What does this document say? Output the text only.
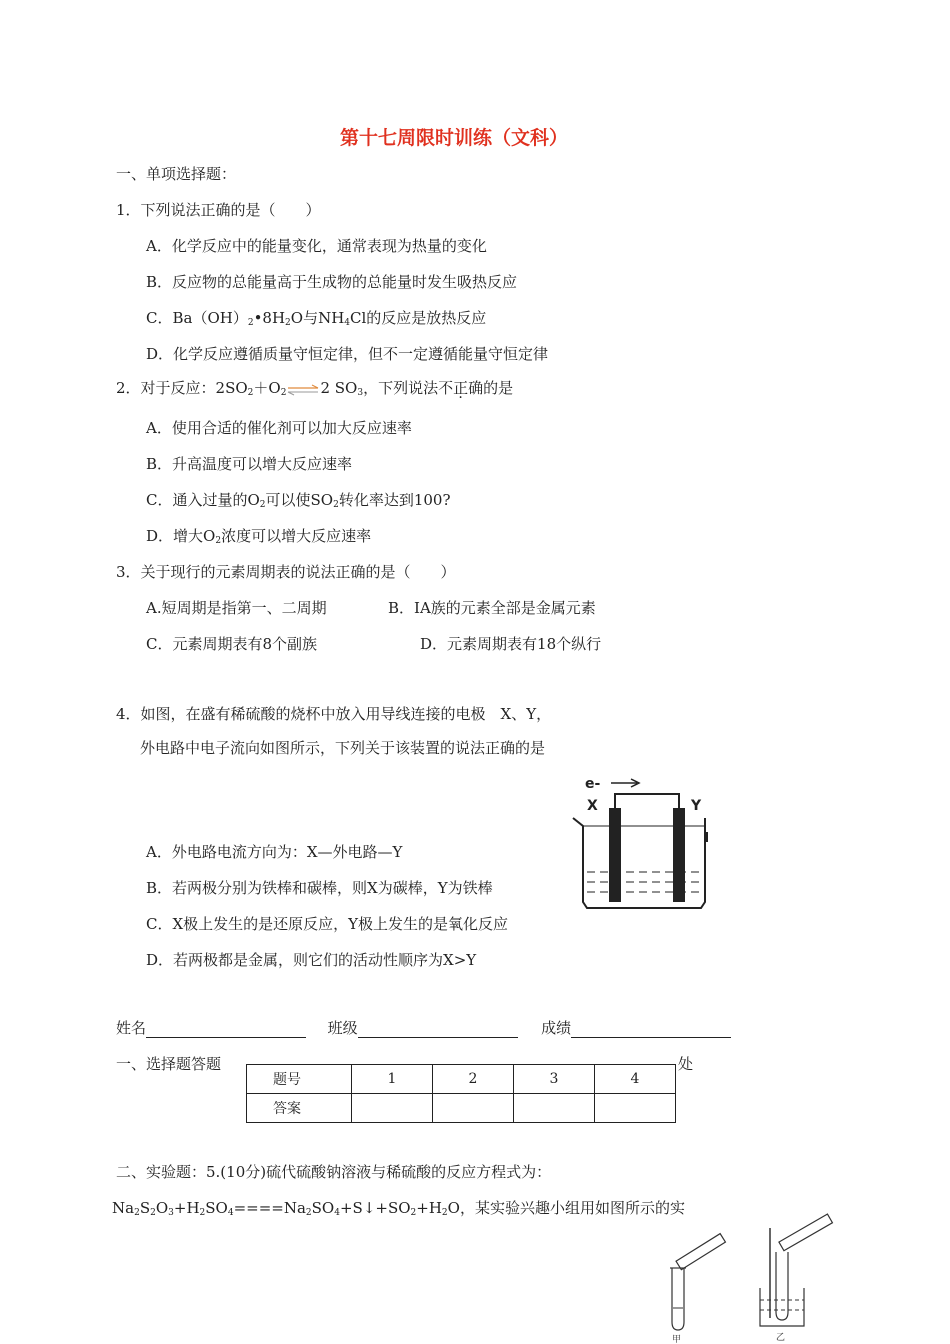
第十七周限时训练（文科）
一、单项选择题：
1．下列说法正确的是（　　）
A．化学反应中的能量变化，通常表现为热量的变化
B．反应物的总能量高于生成物的总能量时发生吸热反应
C．$Ba(OH)_2•8H_2O$与$NH_4Cl$的反应是放热反应
D．化学反应遵循质量守恒定律，但不一定遵循能量守恒定律
2．对于反应：$2SO_2+O_2\rightleftharpoons 2$ $SO_3$，下列说法不正确的是
A．使用合适的催化剂可以加大反应速率
B．升高温度可以增大反应速率
C．通入过量的$O_2$可以使$SO_2$转化率达到100?
D．增大$O_2$浓度可以增大反应速率
3．关于现行的元素周期表的说法正确的是（　　）
A.短周期是指第一、二周期	B．IA族的元素全部是金属元素
C．元素周期表有8个副族	D．元素周期表有18个纵行
4．如图，在盛有稀硫酸的烧杯中放入用导线连接的电极　X、Y，
外电路中电子流向如图所示，下列关于该装置的说法正确的是
A．外电路电流方向为：X—外电路—Y
B．若两极分别为铁棒和碳棒，则X为碳棒，Y为铁棒
C．X极上发生的是还原反应，Y极上发生的是氧化反应
D．若两极都是金属，则它们的活动性顺序为X>Y
e-
X	Y
姓名	班级	成绩
一、选择题答题	处
题号	1	2	3	4
答案				
二、实验题：5.(10分)硫代硫酸钠溶液与稀硫酸的反应方程式为：
$Na_2S_2O_3+H_2SO_4====Na_2SO_4+S↓+SO_2+H_2O$，某实验兴趣小组用如图所示的实
甲	乙
